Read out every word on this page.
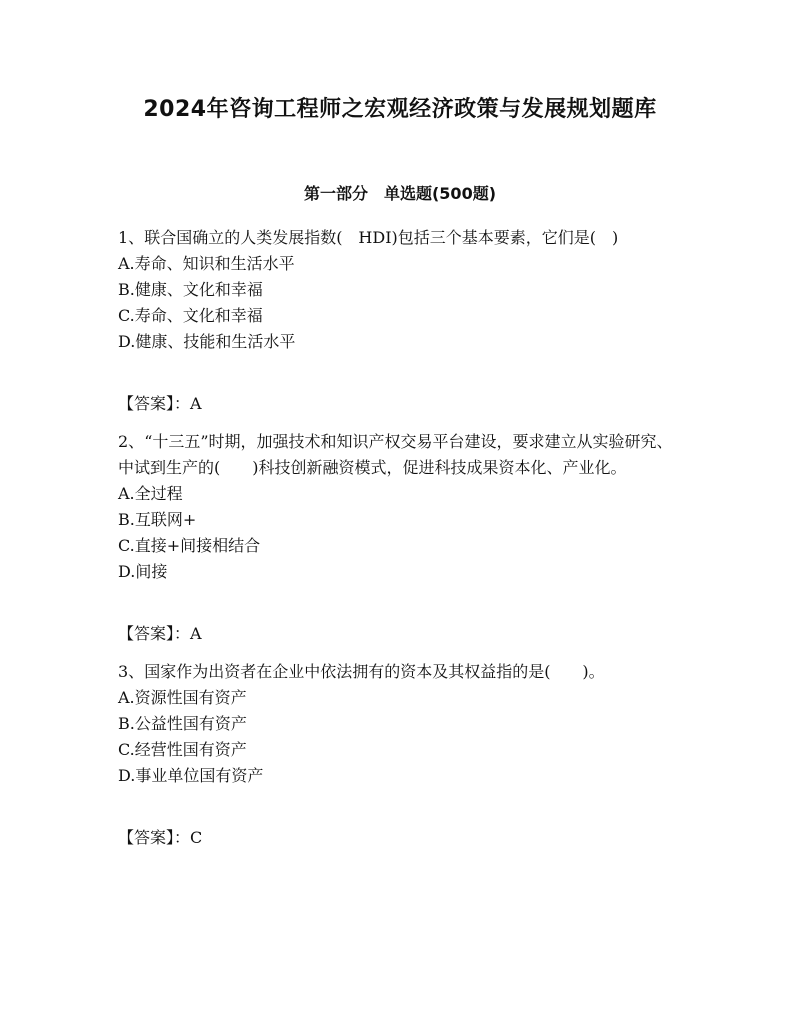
2024年咨询工程师之宏观经济政策与发展规划题库
第一部分　单选题(500题)

1、联合国确立的人类发展指数(　HDI)包括三个基本要素，它们是(　)

A.寿命、知识和生活水平
B.健康、文化和幸福
C.寿命、文化和幸福
D.健康、技能和生活水平
【答案】：A

2、“十三五”时期，加强技术和知识产权交易平台建设，要求建立从实验研究、中试到生产的(　　)科技创新融资模式，促进科技成果资本化、产业化。

A.全过程
B.互联网+
C.直接+间接相结合
D.间接
【答案】：A

3、国家作为出资者在企业中依法拥有的资本及其权益指的是(　　)。

A.资源性国有资产
B.公益性国有资产
C.经营性国有资产
D.事业单位国有资产
【答案】：C
